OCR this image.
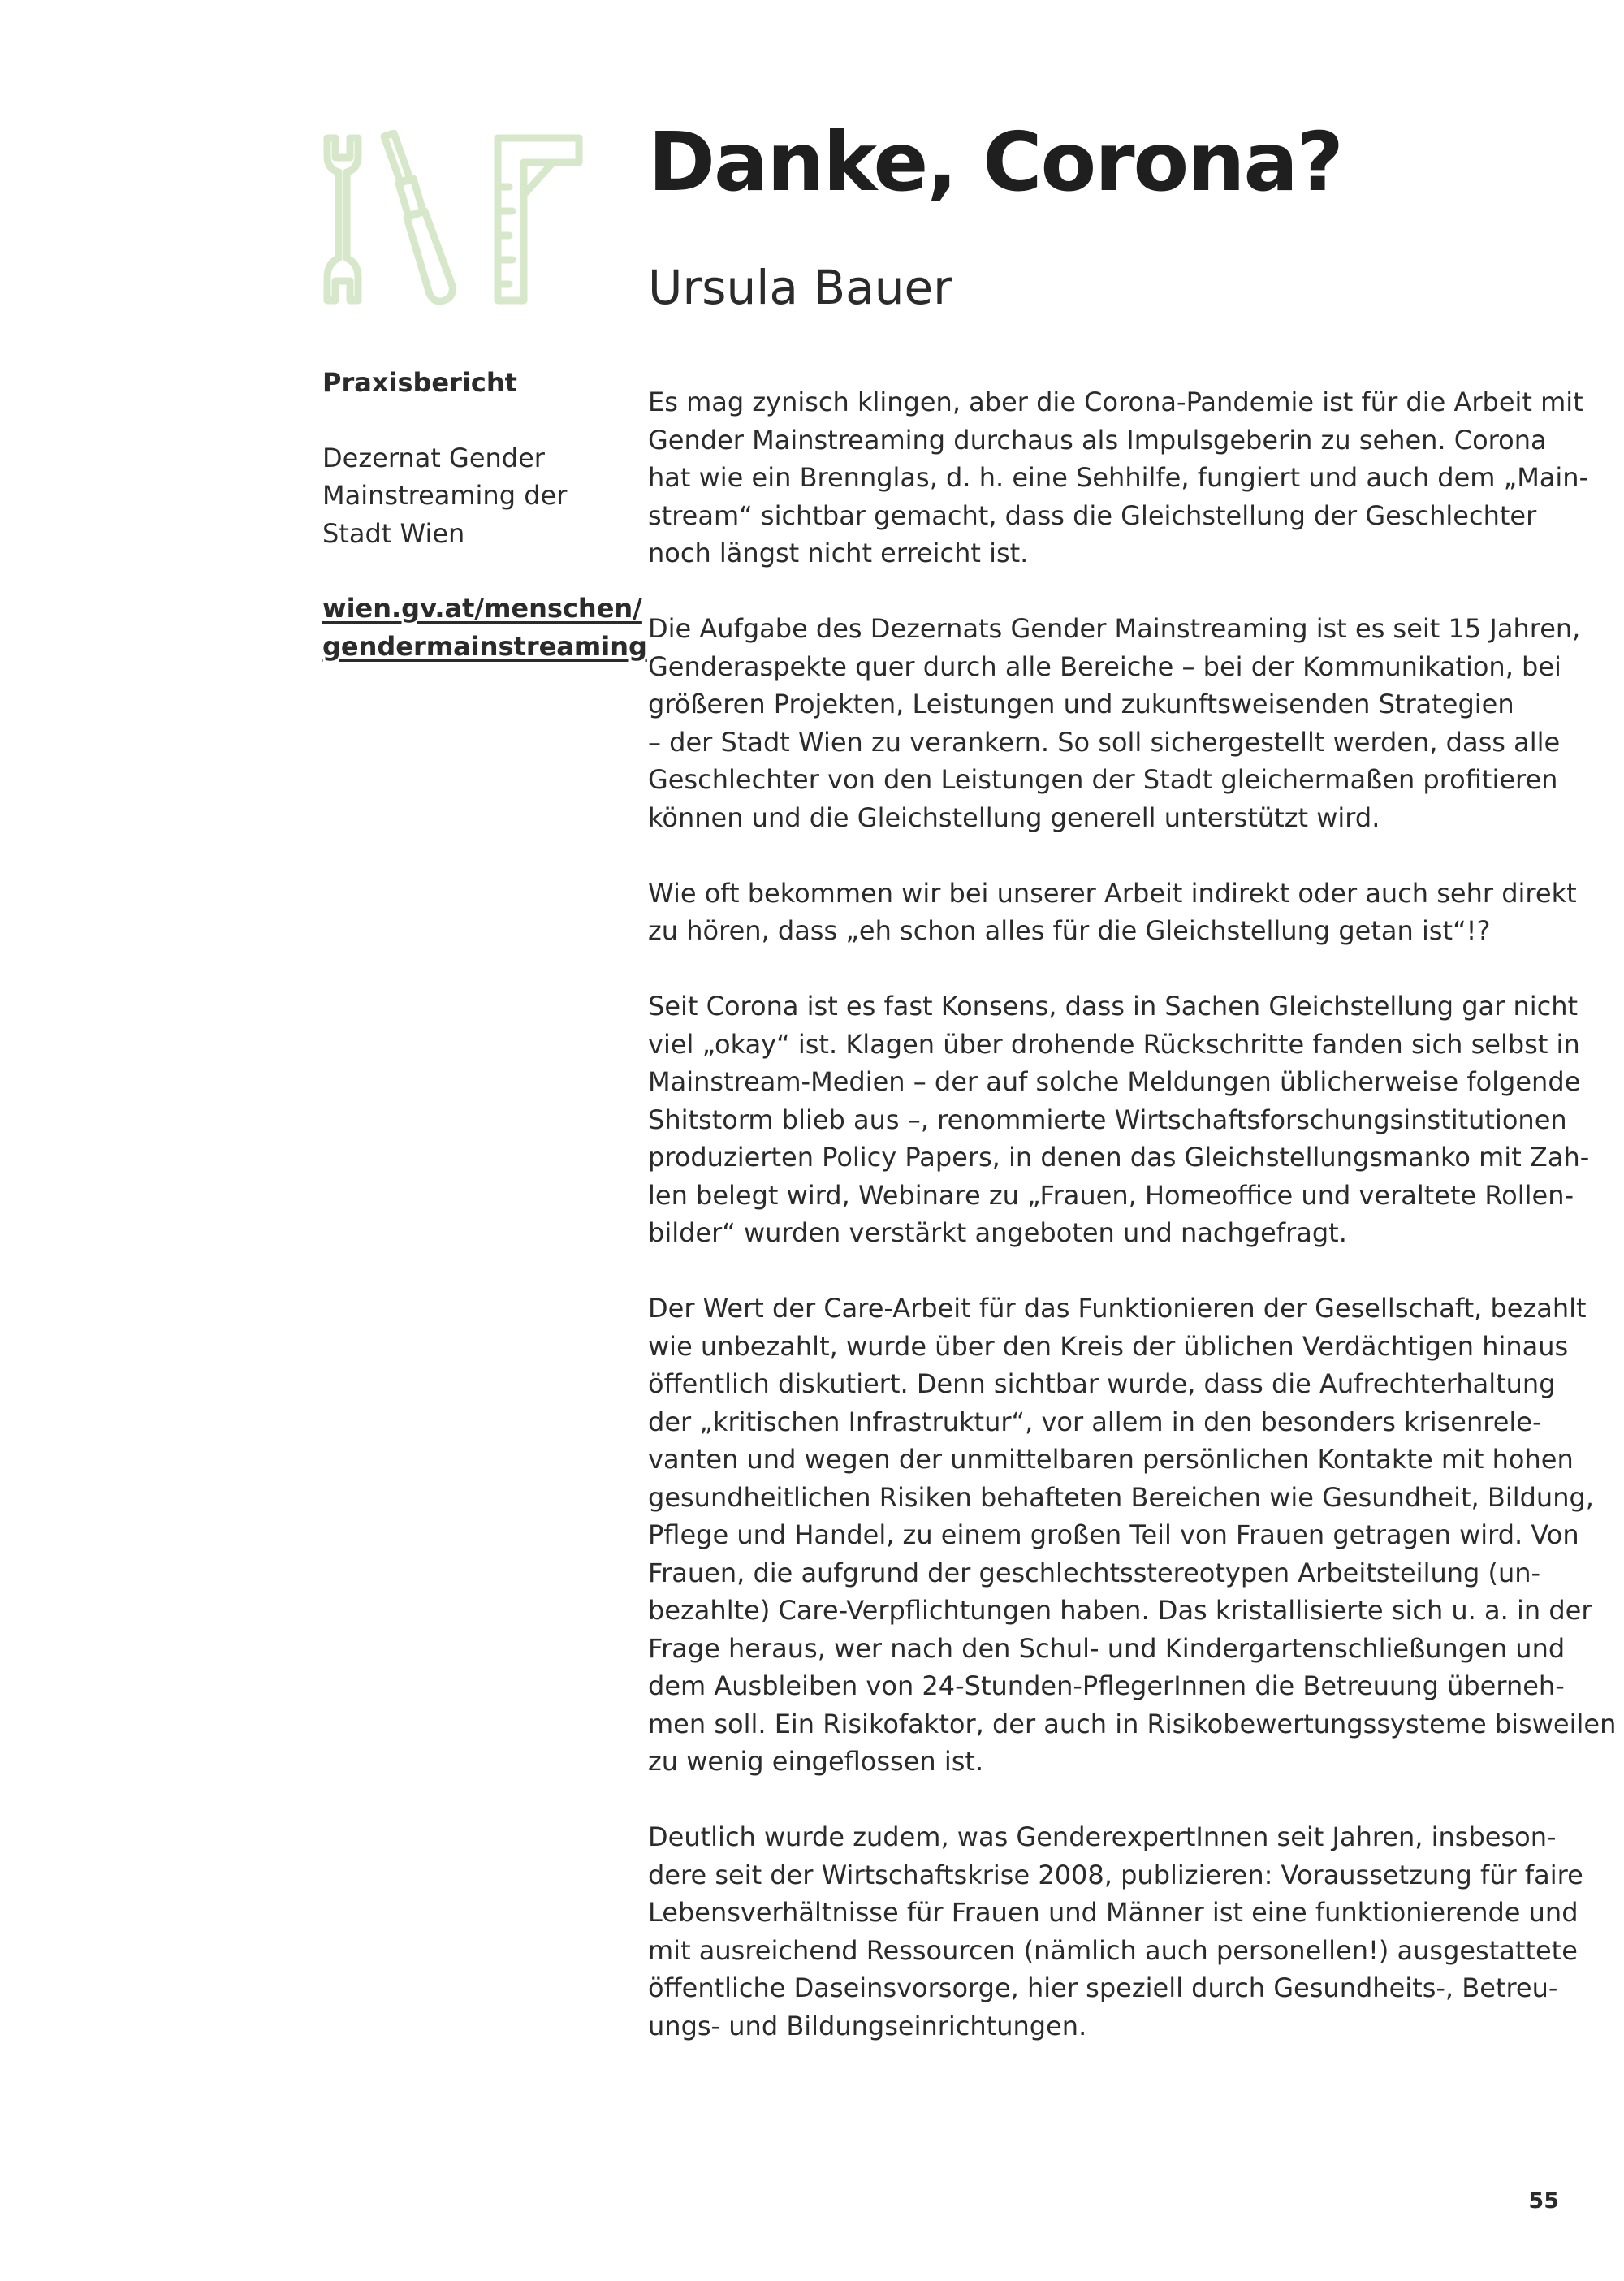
Danke, Corona?
Ursula Bauer

Praxisbericht

Dezernat Gender
Mainstreaming der
Stadt Wien

wien.gv.at/menschen/
gendermainstreaming

Es mag zynisch klingen, aber die Corona-Pandemie ist für die Arbeit mit
Gender Mainstreaming durchaus als Impulsgeberin zu sehen. Corona
hat wie ein Brennglas, d. h. eine Sehhilfe, fungiert und auch dem „Main-
stream“ sichtbar gemacht, dass die Gleichstellung der Geschlechter
noch längst nicht erreicht ist.

Die Aufgabe des Dezernats Gender Mainstreaming ist es seit 15 Jahren,
Genderaspekte quer durch alle Bereiche – bei der Kommunikation, bei
größeren Projekten, Leistungen und zukunftsweisenden Strategien
– der Stadt Wien zu verankern. So soll sichergestellt werden, dass alle
Geschlechter von den Leistungen der Stadt gleichermaßen profitieren
können und die Gleichstellung generell unterstützt wird.

Wie oft bekommen wir bei unserer Arbeit indirekt oder auch sehr direkt
zu hören, dass „eh schon alles für die Gleichstellung getan ist“!?

Seit Corona ist es fast Konsens, dass in Sachen Gleichstellung gar nicht
viel „okay“ ist. Klagen über drohende Rückschritte fanden sich selbst in
Mainstream-Medien – der auf solche Meldungen üblicherweise folgende
Shitstorm blieb aus –, renommierte Wirtschaftsforschungsinstitutionen
produzierten Policy Papers, in denen das Gleichstellungsmanko mit Zah-
len belegt wird, Webinare zu „Frauen, Homeoffice und veraltete Rollen-
bilder“ wurden verstärkt angeboten und nachgefragt.

Der Wert der Care-Arbeit für das Funktionieren der Gesellschaft, bezahlt
wie unbezahlt, wurde über den Kreis der üblichen Verdächtigen hinaus
öffentlich diskutiert. Denn sichtbar wurde, dass die Aufrechterhaltung
der „kritischen Infrastruktur“, vor allem in den besonders krisenrele-
vanten und wegen der unmittelbaren persönlichen Kontakte mit hohen
gesundheitlichen Risiken behafteten Bereichen wie Gesundheit, Bildung,
Pflege und Handel, zu einem großen Teil von Frauen getragen wird. Von
Frauen, die aufgrund der geschlechtsstereotypen Arbeitsteilung (un-
bezahlte) Care-Verpflichtungen haben. Das kristallisierte sich u. a. in der
Frage heraus, wer nach den Schul- und Kindergartenschließungen und
dem Ausbleiben von 24-Stunden-PflegerInnen die Betreuung überneh-
men soll. Ein Risikofaktor, der auch in Risikobewertungssysteme bisweilen
zu wenig eingeflossen ist.

Deutlich wurde zudem, was GenderexpertInnen seit Jahren, insbeson-
dere seit der Wirtschaftskrise 2008, publizieren: Voraussetzung für faire
Lebensverhältnisse für Frauen und Männer ist eine funktionierende und
mit ausreichend Ressourcen (nämlich auch personellen!) ausgestattete
öffentliche Daseinsvorsorge, hier speziell durch Gesundheits-, Betreu-
ungs- und Bildungseinrichtungen.

55
